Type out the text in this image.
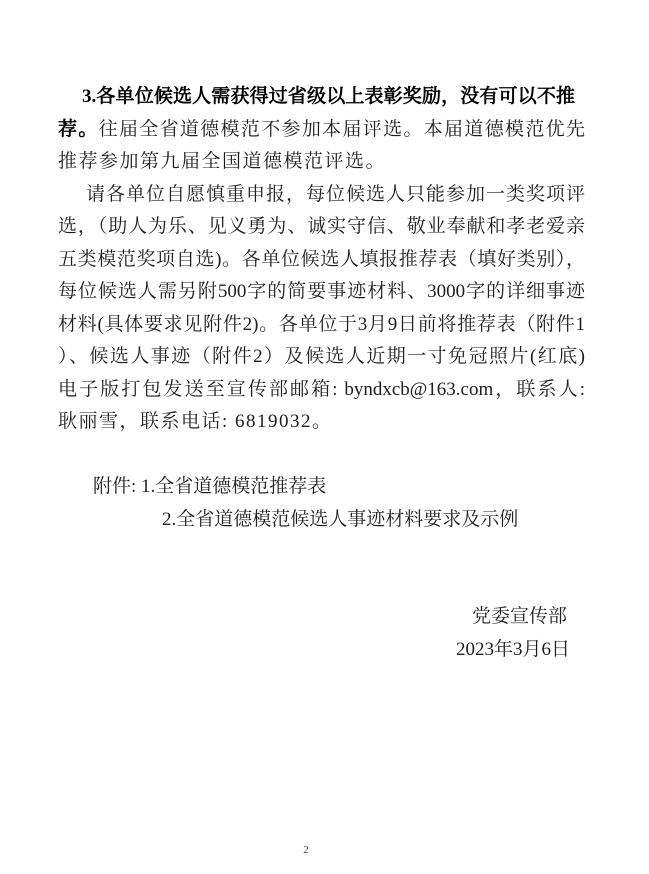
3.各单位候选人需获得过省级以上表彰奖励，没有可以不推
荐。往届全省道德模范不参加本届评选。本届道德模范优先
推荐参加第九届全国道德模范评选。
请各单位自愿慎重申报，每位候选人只能参加一类奖项评
选，（助人为乐、见义勇为、诚实守信、敬业奉献和孝老爱亲
五类模范奖项自选)。各单位候选人填报推荐表（填好类别），
每位候选人需另附500字的简要事迹材料、3000字的详细事迹
材料(具体要求见附件2)。各单位于3月9日前将推荐表（附件1
）、候选人事迹（附件2）及候选人近期一寸免冠照片(红底)
电子版打包发送至宣传部邮箱: byndxcb@163.com，联系人:
耿丽雪，联系电话: 6819032。

附件: 1.全省道德模范推荐表
2.全省道德模范候选人事迹材料要求及示例

党委宣传部
2023年3月6日
2
